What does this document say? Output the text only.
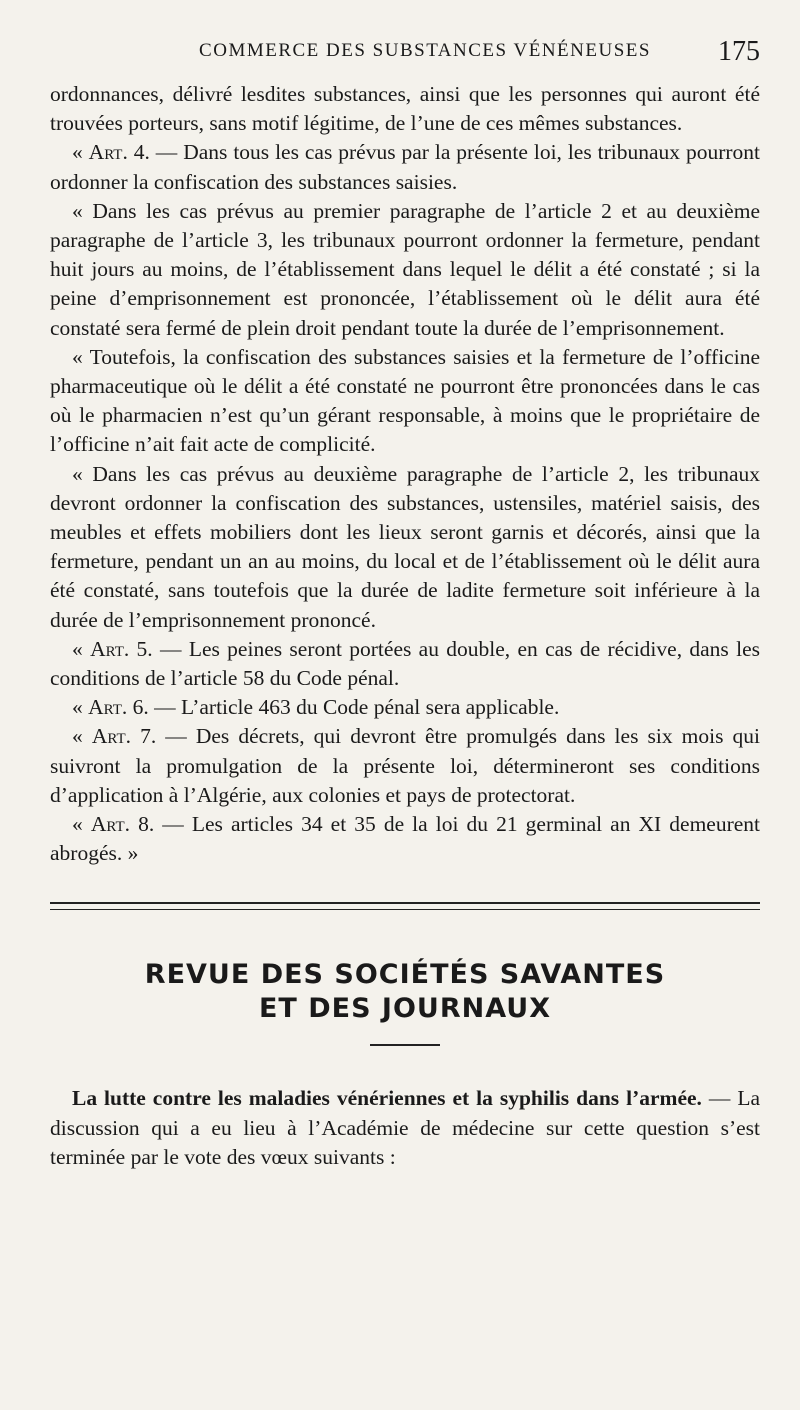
COMMERCE DES SUBSTANCES VÉNÉNEUSES 175

ordonnances, délivré lesdites substances, ainsi que les personnes qui auront été trouvées porteurs, sans motif légitime, de l’une de ces mêmes substances.

« Art. 4. — Dans tous les cas prévus par la présente loi, les tribunaux pourront ordonner la confiscation des substances saisies.

« Dans les cas prévus au premier paragraphe de l’article 2 et au deuxième paragraphe de l’article 3, les tribunaux pourront ordonner la fermeture, pendant huit jours au moins, de l’établissement dans lequel le délit a été constaté ; si la peine d’emprisonnement est prononcée, l’établissement où le délit aura été constaté sera fermé de plein droit pendant toute la durée de l’emprisonnement.

« Toutefois, la confiscation des substances saisies et la fermeture de l’officine pharmaceutique où le délit a été constaté ne pourront être prononcées dans le cas où le pharmacien n’est qu’un gérant responsable, à moins que le propriétaire de l’officine n’ait fait acte de complicité.

« Dans les cas prévus au deuxième paragraphe de l’article 2, les tribunaux devront ordonner la confiscation des substances, ustensiles, matériel saisis, des meubles et effets mobiliers dont les lieux seront garnis et décorés, ainsi que la fermeture, pendant un an au moins, du local et de l’établissement où le délit aura été constaté, sans toutefois que la durée de ladite fermeture soit inférieure à la durée de l’emprisonnement prononcé.

« Art. 5. — Les peines seront portées au double, en cas de récidive, dans les conditions de l’article 58 du Code pénal.

« Art. 6. — L’article 463 du Code pénal sera applicable.

« Art. 7. — Des décrets, qui devront être promulgés dans les six mois qui suivront la promulgation de la présente loi, détermineront ses conditions d’application à l’Algérie, aux colonies et pays de protectorat.

« Art. 8. — Les articles 34 et 35 de la loi du 21 germinal an XI demeurent abrogés. »

REVUE DES SOCIÉTÉS SAVANTES
ET DES JOURNAUX
La lutte contre les maladies vénériennes et la syphilis dans l’armée. — La discussion qui a eu lieu à l’Académie de médecine sur cette question s’est terminée par le vote des vœux suivants :
